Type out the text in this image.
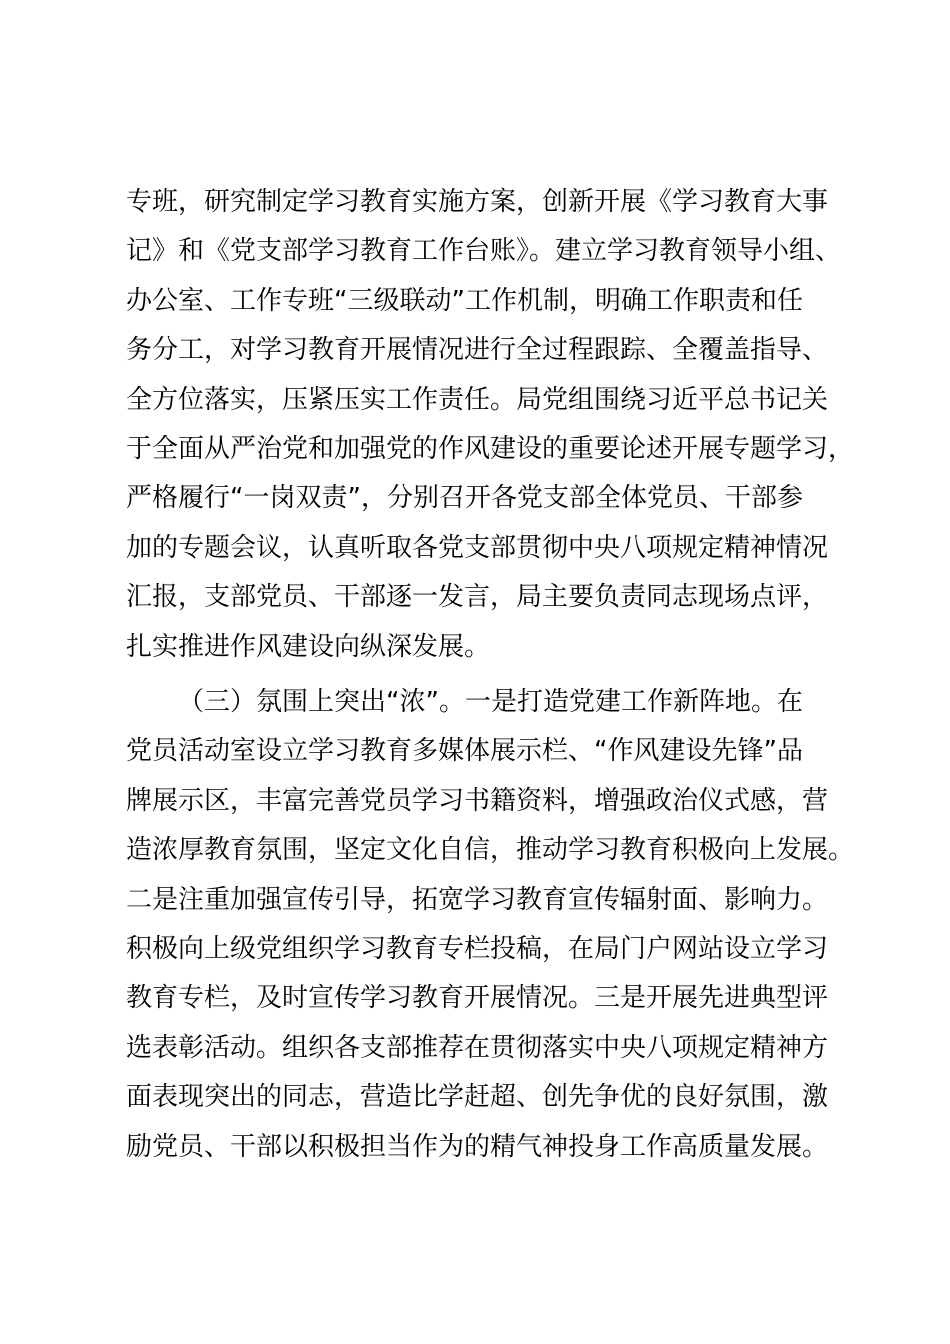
专班，研究制定学习教育实施方案，创新开展《学习教育大事
记》和《党支部学习教育工作台账》。建立学习教育领导小组、
办公室、工作专班“三级联动”工作机制，明确工作职责和任
务分工，对学习教育开展情况进行全过程跟踪、全覆盖指导、
全方位落实，压紧压实工作责任。局党组围绕习近平总书记关
于全面从严治党和加强党的作风建设的重要论述开展专题学习，
严格履行“一岗双责”，分别召开各党支部全体党员、干部参
加的专题会议，认真听取各党支部贯彻中央八项规定精神情况
汇报，支部党员、干部逐一发言，局主要负责同志现场点评，
扎实推进作风建设向纵深发展。
（三）氛围上突出“浓”。一是打造党建工作新阵地。在
党员活动室设立学习教育多媒体展示栏、“作风建设先锋”品
牌展示区，丰富完善党员学习书籍资料，增强政治仪式感，营
造浓厚教育氛围，坚定文化自信，推动学习教育积极向上发展。
二是注重加强宣传引导，拓宽学习教育宣传辐射面、影响力。
积极向上级党组织学习教育专栏投稿，在局门户网站设立学习
教育专栏，及时宣传学习教育开展情况。三是开展先进典型评
选表彰活动。组织各支部推荐在贯彻落实中央八项规定精神方
面表现突出的同志，营造比学赶超、创先争优的良好氛围，激
励党员、干部以积极担当作为的精气神投身工作高质量发展。
